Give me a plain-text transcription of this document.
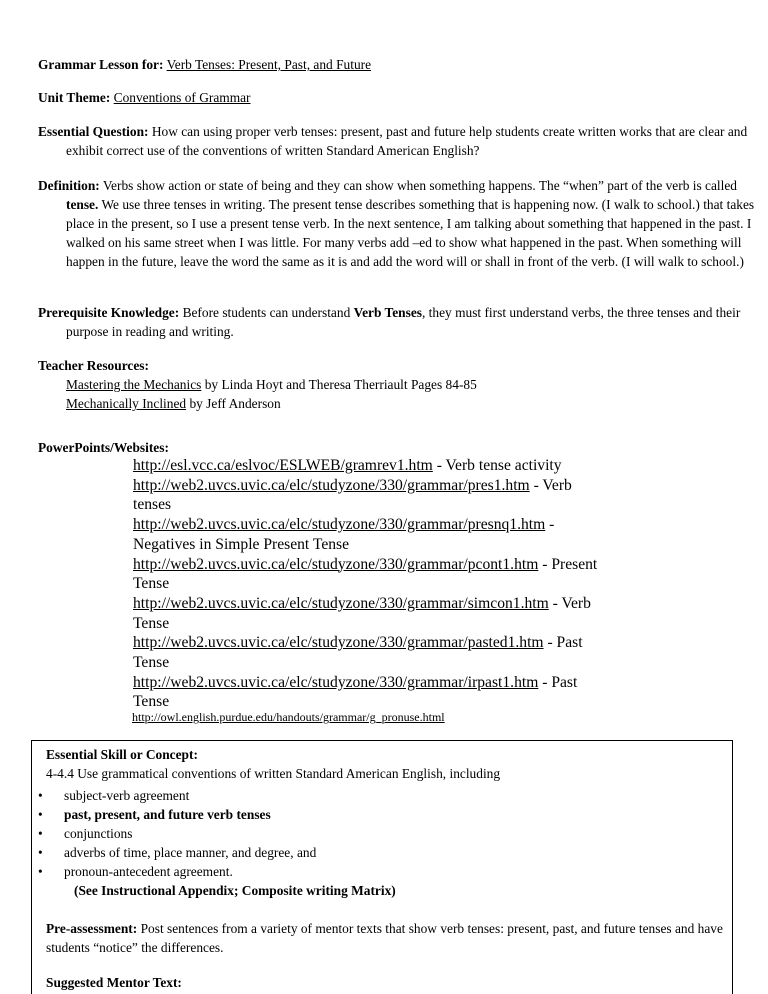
Grammar Lesson for: Verb Tenses: Present, Past, and Future
Unit Theme: Conventions of Grammar
Essential Question: How can using proper verb tenses: present, past and future help students create written works that are clear and exhibit correct use of the conventions of written Standard American English?
Definition: Verbs show action or state of being and they can show when something happens. The “when” part of the verb is called tense. We use three tenses in writing. The present tense describes something that is happening now. (I walk to school.) that takes place in the present, so I use a present tense verb. In the next sentence, I am talking about something that happened in the past. I walked on his same street when I was little. For many verbs add –ed to show what happened in the past. When something will happen in the future, leave the word the same as it is and add the word will or shall in front of the verb. (I will walk to school.)
Prerequisite Knowledge: Before students can understand Verb Tenses, they must first understand verbs, the three tenses and their purpose in reading and writing.
Teacher Resources:
Mastering the Mechanics by Linda Hoyt and Theresa Therriault Pages 84-85
Mechanically Inclined by Jeff Anderson
PowerPoints/Websites:
http://esl.vcc.ca/eslvoc/ESLWEB/gramrev1.htm - Verb tense activity
http://web2.uvcs.uvic.ca/elc/studyzone/330/grammar/pres1.htm - Verb
tenses
http://web2.uvcs.uvic.ca/elc/studyzone/330/grammar/presnq1.htm -
Negatives in Simple Present Tense
http://web2.uvcs.uvic.ca/elc/studyzone/330/grammar/pcont1.htm - Present
Tense
http://web2.uvcs.uvic.ca/elc/studyzone/330/grammar/simcon1.htm - Verb
Tense
http://web2.uvcs.uvic.ca/elc/studyzone/330/grammar/pasted1.htm - Past
Tense
http://web2.uvcs.uvic.ca/elc/studyzone/330/grammar/irpast1.htm - Past
Tense
http://owl.english.purdue.edu/handouts/grammar/g_pronuse.html
Essential Skill or Concept:
4-4.4 Use grammatical conventions of written Standard American English, including
• subject-verb agreement
• past, present, and future verb tenses
• conjunctions
• adverbs of time, place manner, and degree, and
• pronoun-antecedent agreement.
(See Instructional Appendix; Composite writing Matrix)
Pre-assessment: Post sentences from a variety of mentor texts that show verb tenses: present, past, and future tenses and have students “notice” the differences.
Suggested Mentor Text:
